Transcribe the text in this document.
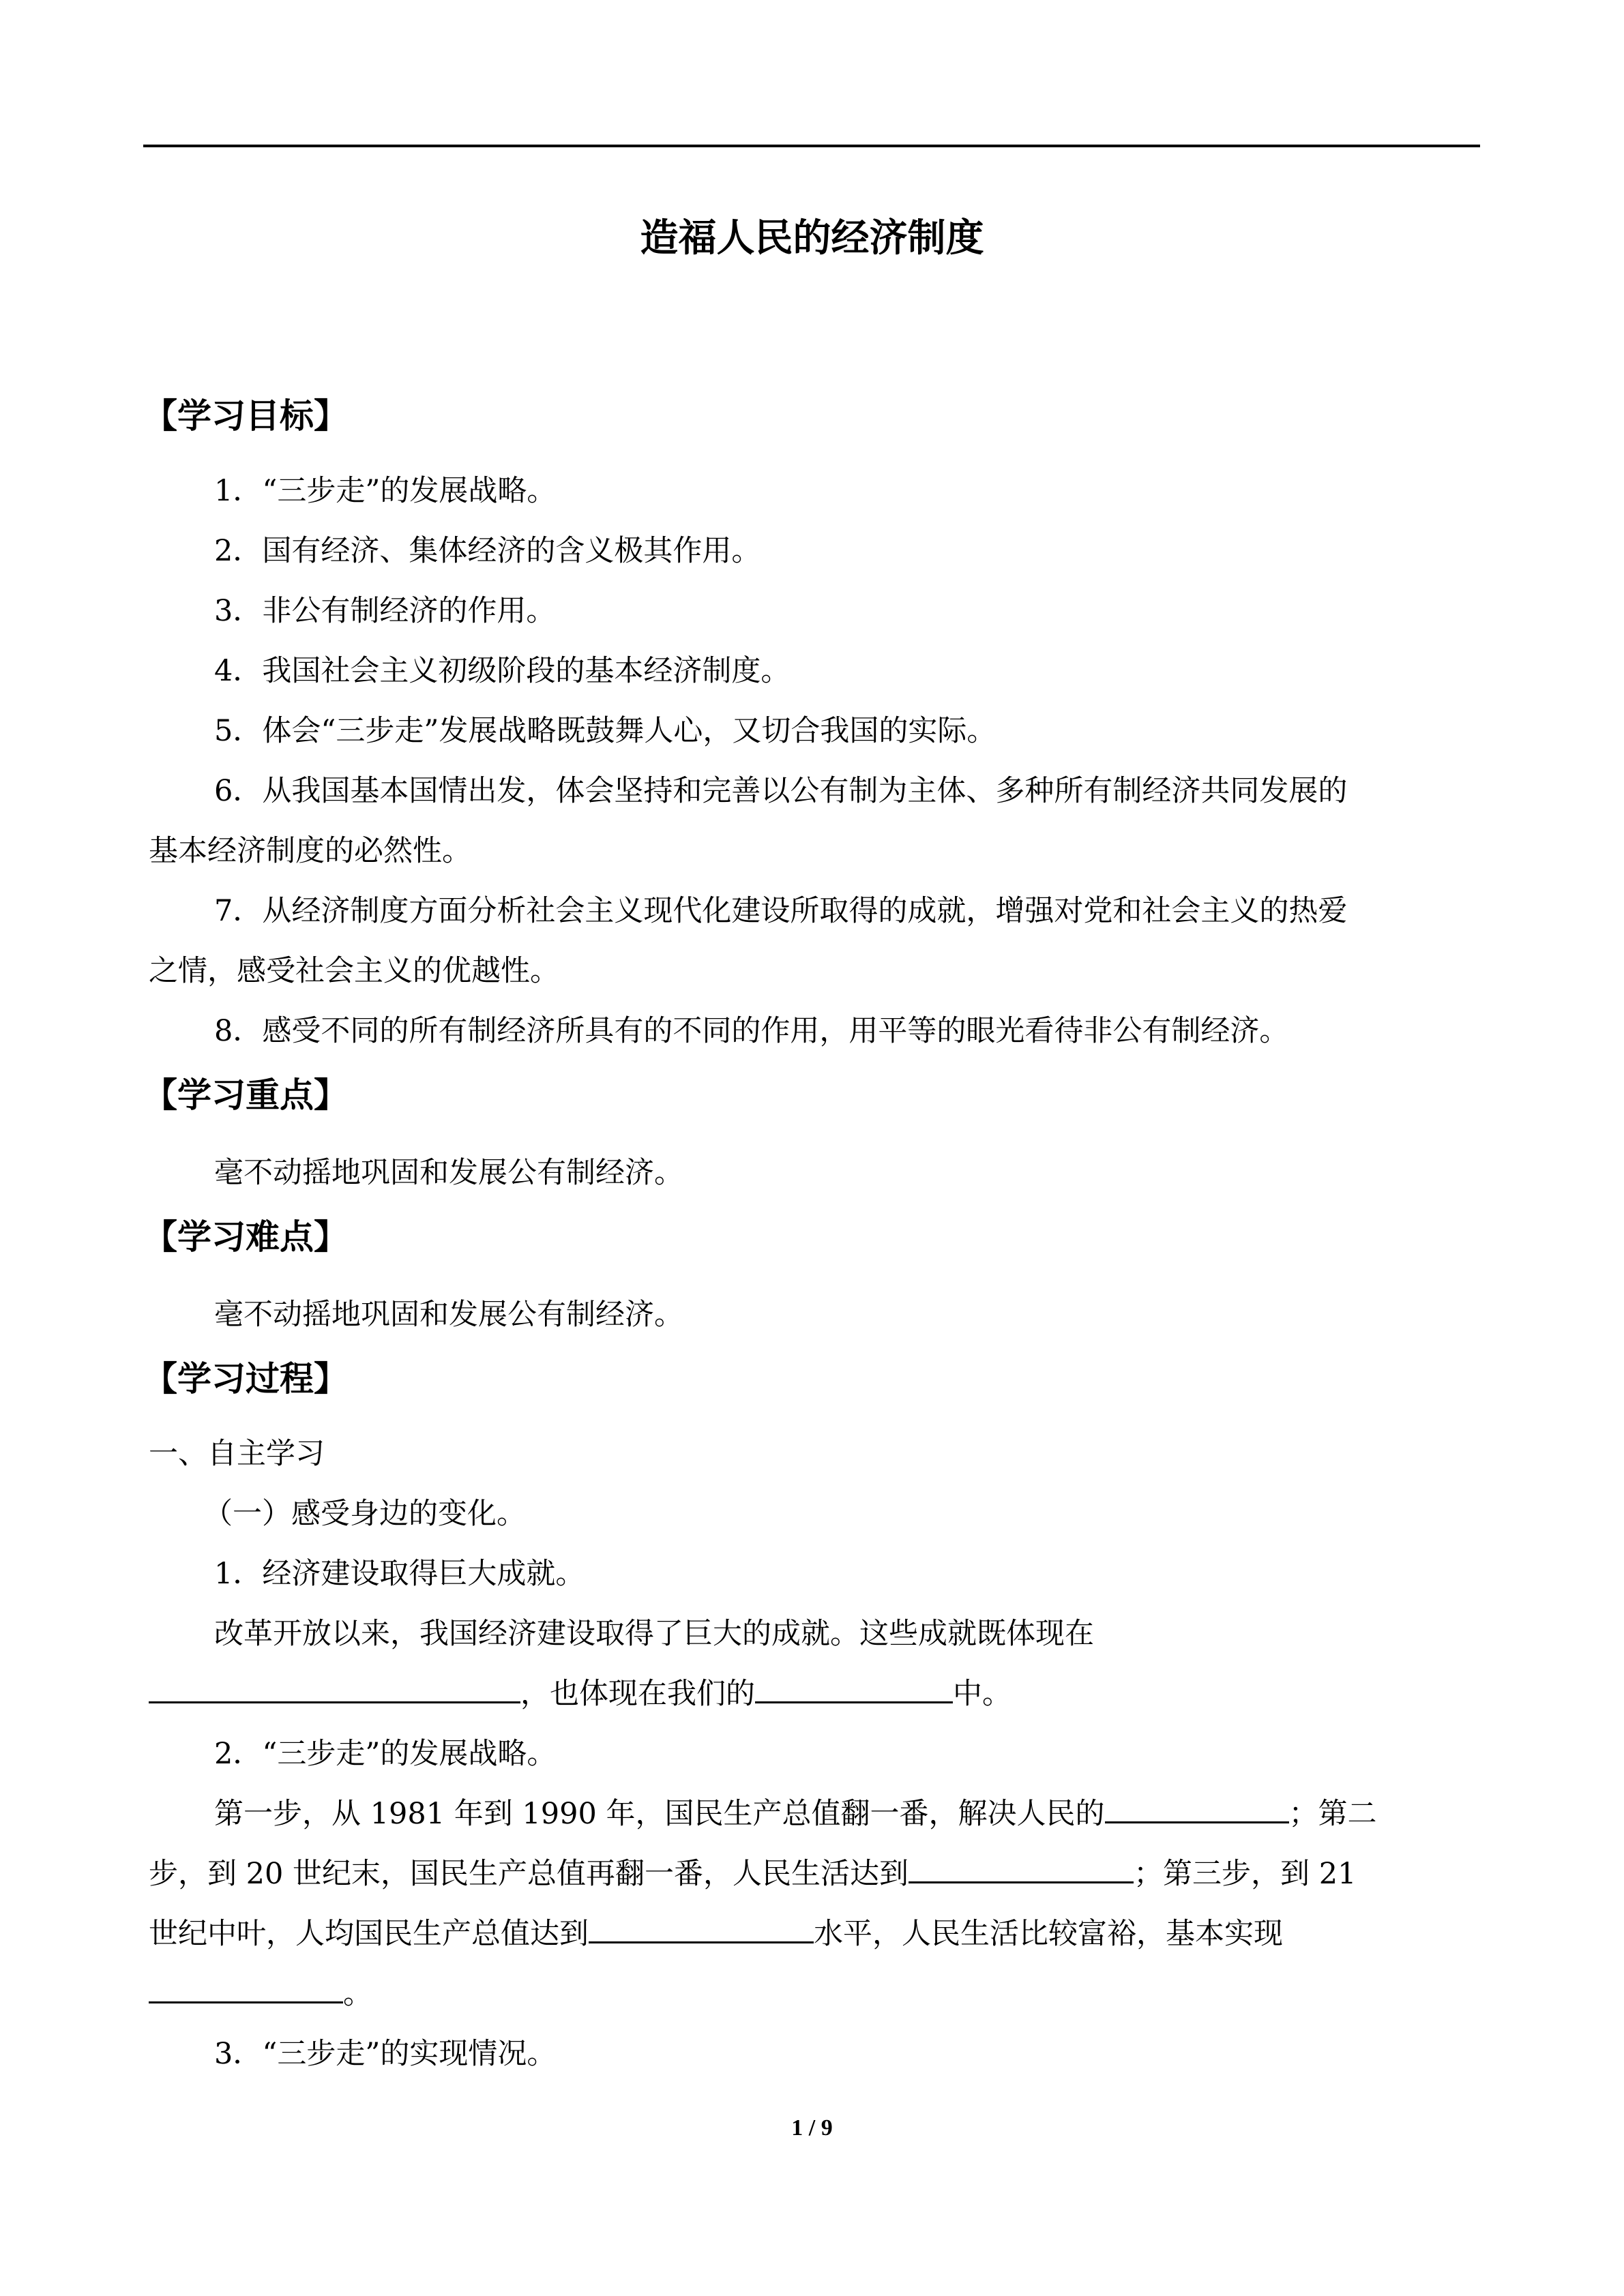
造福人民的经济制度
【学习目标】

1．“三步走”的发展战略。

2．国有经济、集体经济的含义极其作用。

3．非公有制经济的作用。

4．我国社会主义初级阶段的基本经济制度。

5．体会“三步走”发展战略既鼓舞人心，又切合我国的实际。

6．从我国基本国情出发，体会坚持和完善以公有制为主体、多种所有制经济共同发展的

基本经济制度的必然性。

7．从经济制度方面分析社会主义现代化建设所取得的成就，增强对党和社会主义的热爱

之情，感受社会主义的优越性。

8．感受不同的所有制经济所具有的不同的作用，用平等的眼光看待非公有制经济。

【学习重点】

毫不动摇地巩固和发展公有制经济。

【学习难点】

毫不动摇地巩固和发展公有制经济。

【学习过程】

一、自主学习

（一）感受身边的变化。

1．经济建设取得巨大成就。

改革开放以来，我国经济建设取得了巨大的成就。这些成就既体现在

，也体现在我们的	中。

2．“三步走”的发展战略。

第一步，从 1981 年到 1990 年，国民生产总值翻一番，解决人民的	；第二

步，到 20 世纪末，国民生产总值再翻一番，人民生活达到	；第三步，到 21

世纪中叶，人均国民生产总值达到	水平，人民生活比较富裕，基本实现

。

3．“三步走”的实现情况。

1 / 9
